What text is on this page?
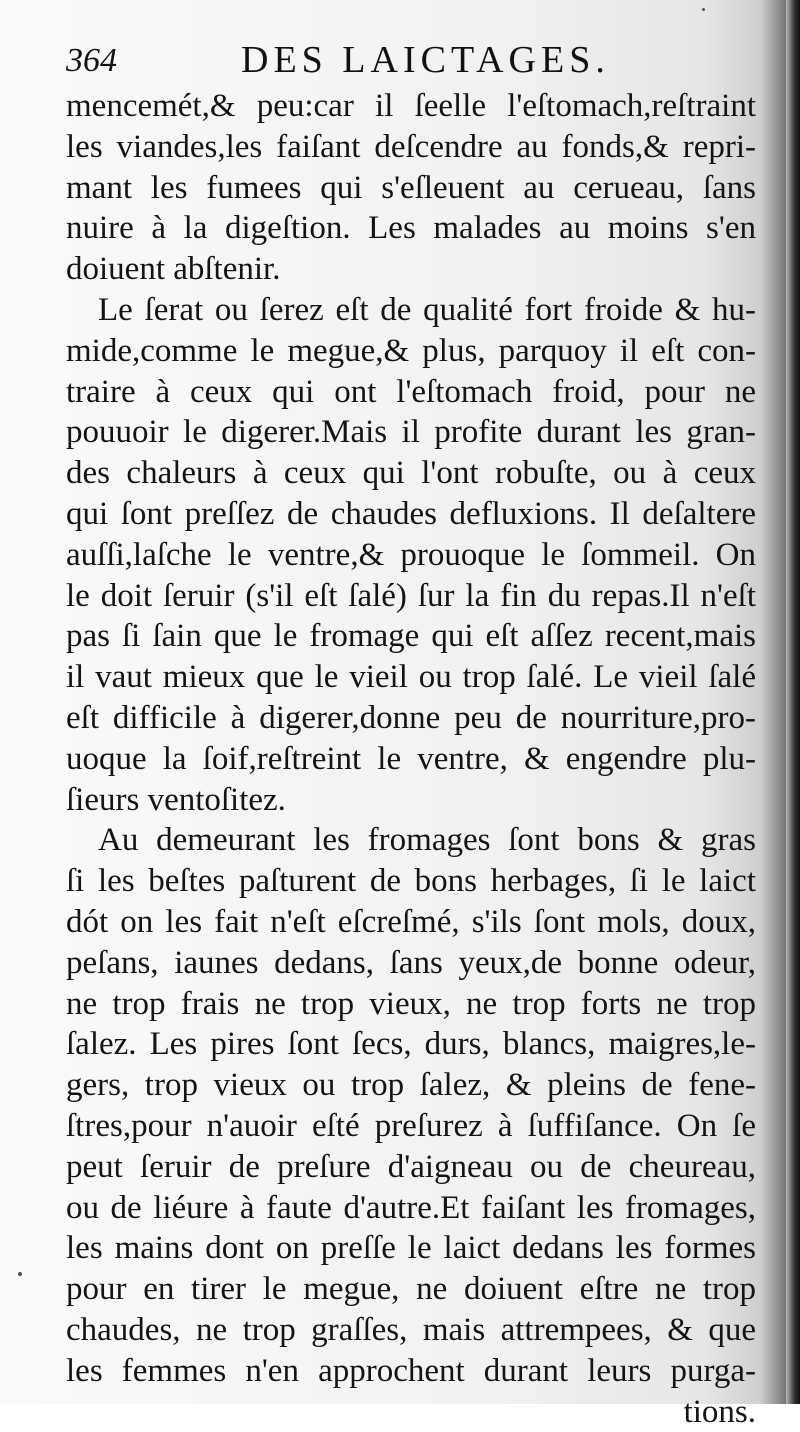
364	DES LAICTAGES.
mencemét,& peu:car il ſeelle l'eſtomach,reſtraint
les viandes,les faiſant deſcendre au fonds,& repri-
mant les fumees qui s'eſleuent au cerueau, ſans
nuire à la digeſtion. Les malades au moins s'en
doiuent abſtenir.
Le ſerat ou ſerez eſt de qualité fort froide & hu-
mide,comme le megue,& plus, parquoy il eſt con-
traire à ceux qui ont l'eſtomach froid, pour ne
pouuoir le digerer.Mais il profite durant les gran-
des chaleurs à ceux qui l'ont robuſte, ou à ceux
qui ſont preſſez de chaudes defluxions. Il deſaltere
auſſi,laſche le ventre,& prouoque le ſommeil. On
le doit ſeruir (s'il eſt ſalé) ſur la fin du repas.Il n'eſt
pas ſi ſain que le fromage qui eſt aſſez recent,mais
il vaut mieux que le vieil ou trop ſalé. Le vieil ſalé
eſt difficile à digerer,donne peu de nourriture,pro-
uoque la ſoif,reſtreint le ventre, & engendre plu-
ſieurs ventoſitez.
Au demeurant les fromages ſont bons & gras
ſi les beſtes paſturent de bons herbages, ſi le laict
dót on les fait n'eſt eſcreſmé, s'ils ſont mols, doux,
peſans, iaunes dedans, ſans yeux,de bonne odeur,
ne trop frais ne trop vieux, ne trop forts ne trop
ſalez. Les pires ſont ſecs, durs, blancs, maigres,le-
gers, trop vieux ou trop ſalez, & pleins de fene-
ſtres,pour n'auoir eſté preſurez à ſuffiſance. On ſe
peut ſeruir de preſure d'aigneau ou de cheureau,
ou de liéure à faute d'autre.Et faiſant les fromages,
les mains dont on preſſe le laict dedans les formes
pour en tirer le megue, ne doiuent eſtre ne trop
chaudes, ne trop graſſes, mais attrempees, & que
les femmes n'en approchent durant leurs purga-
tions.
